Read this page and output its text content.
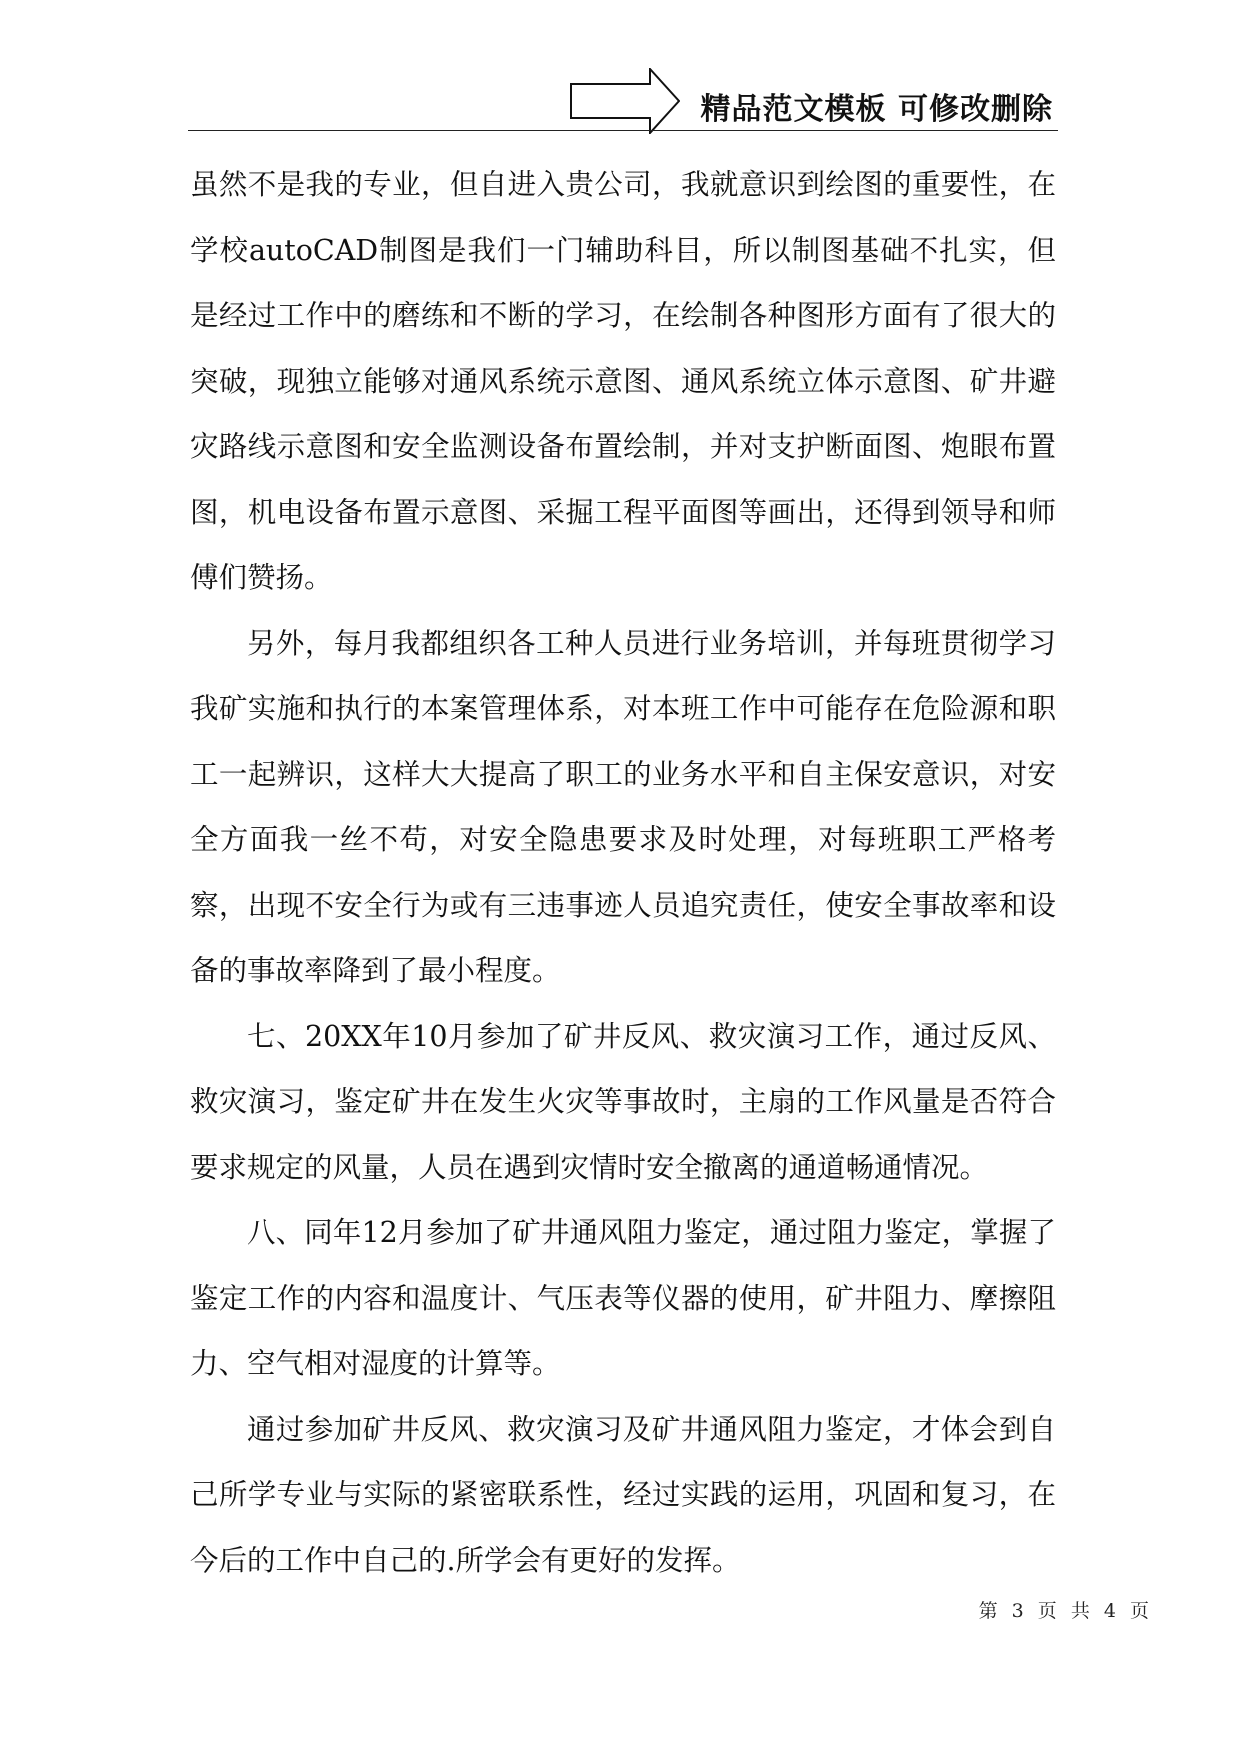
精品范文模板 可修改删除

虽然不是我的专业，但自进入贵公司，我就意识到绘图的重要性，在学校autoCAD制图是我们一门辅助科目，所以制图基础不扎实，但是经过工作中的磨练和不断的学习，在绘制各种图形方面有了很大的突破，现独立能够对通风系统示意图、通风系统立体示意图、矿井避灾路线示意图和安全监测设备布置绘制，并对支护断面图、炮眼布置图，机电设备布置示意图、采掘工程平面图等画出，还得到领导和师傅们赞扬。

另外，每月我都组织各工种人员进行业务培训，并每班贯彻学习我矿实施和执行的本案管理体系，对本班工作中可能存在危险源和职工一起辨识，这样大大提高了职工的业务水平和自主保安意识，对安全方面我一丝不苟，对安全隐患要求及时处理，对每班职工严格考察，出现不安全行为或有三违事迹人员追究责任，使安全事故率和设备的事故率降到了最小程度。

七、20XX年10月参加了矿井反风、救灾演习工作，通过反风、救灾演习，鉴定矿井在发生火灾等事故时，主扇的工作风量是否符合要求规定的风量，人员在遇到灾情时安全撤离的通道畅通情况。

八、同年12月参加了矿井通风阻力鉴定，通过阻力鉴定，掌握了鉴定工作的内容和温度计、气压表等仪器的使用，矿井阻力、摩擦阻力、空气相对湿度的计算等。

通过参加矿井反风、救灾演习及矿井通风阻力鉴定，才体会到自己所学专业与实际的紧密联系性，经过实践的运用，巩固和复习，在今后的工作中自己的.所学会有更好的发挥。

第 3 页 共 4 页
